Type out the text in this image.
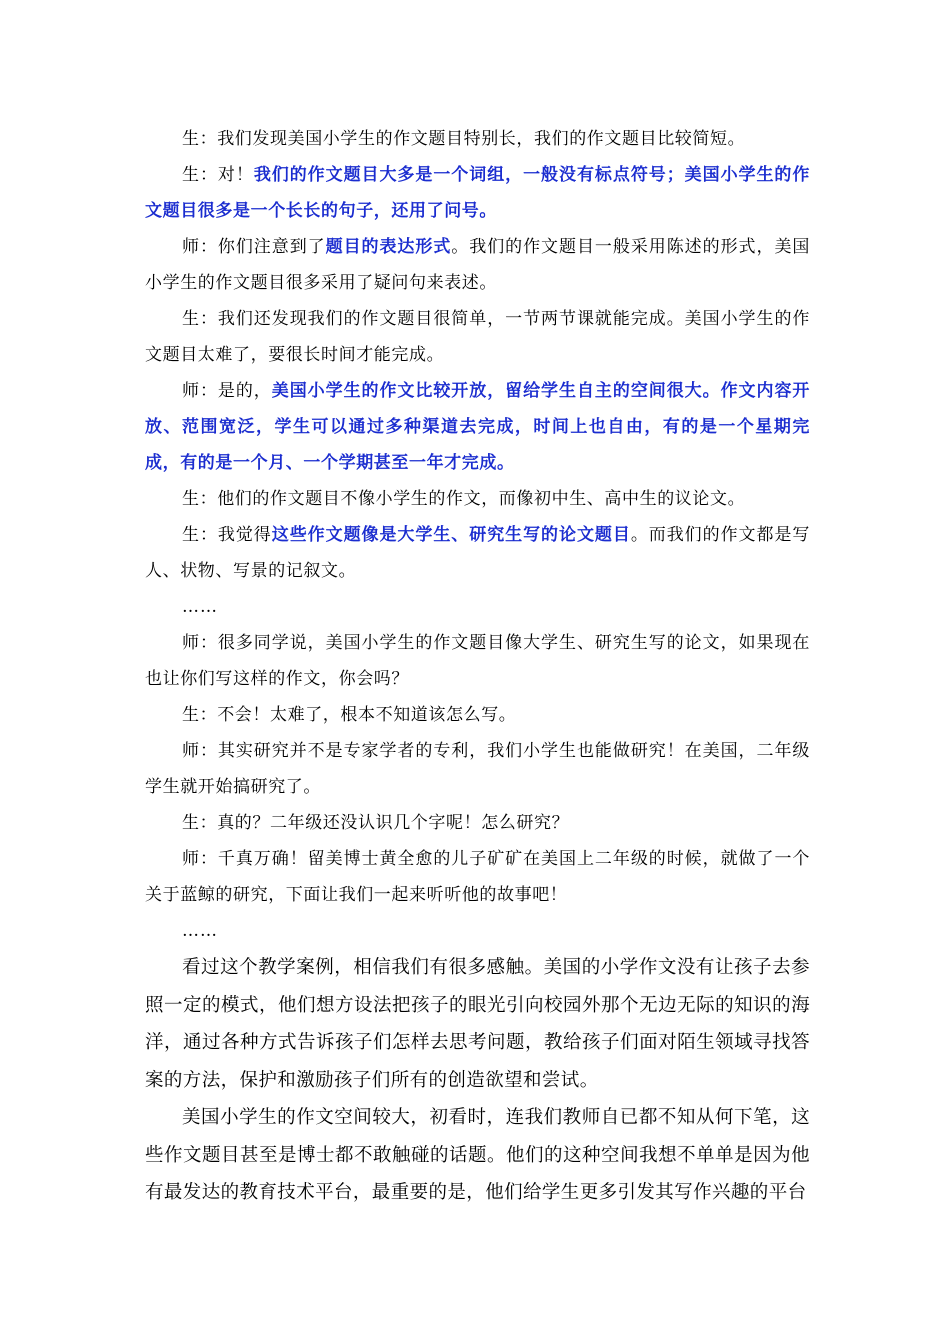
生：我们发现美国小学生的作文题目特别长，我们的作文题目比较简短。

生：对！我们的作文题目大多是一个词组，一般没有标点符号；美国小学生的作文题目很多是一个长长的句子，还用了问号。

师：你们注意到了题目的表达形式。我们的作文题目一般采用陈述的形式，美国小学生的作文题目很多采用了疑问句来表述。

生：我们还发现我们的作文题目很简单，一节两节课就能完成。美国小学生的作文题目太难了，要很长时间才能完成。

师：是的，美国小学生的作文比较开放，留给学生自主的空间很大。作文内容开放、范围宽泛，学生可以通过多种渠道去完成，时间上也自由，有的是一个星期完成，有的是一个月、一个学期甚至一年才完成。

生：他们的作文题目不像小学生的作文，而像初中生、高中生的议论文。

生：我觉得这些作文题像是大学生、研究生写的论文题目。而我们的作文都是写人、状物、写景的记叙文。

……

师：很多同学说，美国小学生的作文题目像大学生、研究生写的论文，如果现在也让你们写这样的作文，你会吗？

生：不会！太难了，根本不知道该怎么写。

师：其实研究并不是专家学者的专利，我们小学生也能做研究！在美国，二年级学生就开始搞研究了。

生：真的？二年级还没认识几个字呢！怎么研究？

师：千真万确！留美博士黄全愈的儿子矿矿在美国上二年级的时候，就做了一个关于蓝鲸的研究，下面让我们一起来听听他的故事吧！

……

看过这个教学案例，相信我们有很多感触。美国的小学作文没有让孩子去参照一定的模式，他们想方设法把孩子的眼光引向校园外那个无边无际的知识的海洋，通过各种方式告诉孩子们怎样去思考问题，教给孩子们面对陌生领域寻找答案的方法，保护和激励孩子们所有的创造欲望和尝试。

美国小学生的作文空间较大，初看时，连我们教师自已都不知从何下笔，这些作文题目甚至是博士都不敢触碰的话题。他们的这种空间我想不单单是因为他有最发达的教育技术平台，最重要的是，他们给学生更多引发其写作兴趣的平台
